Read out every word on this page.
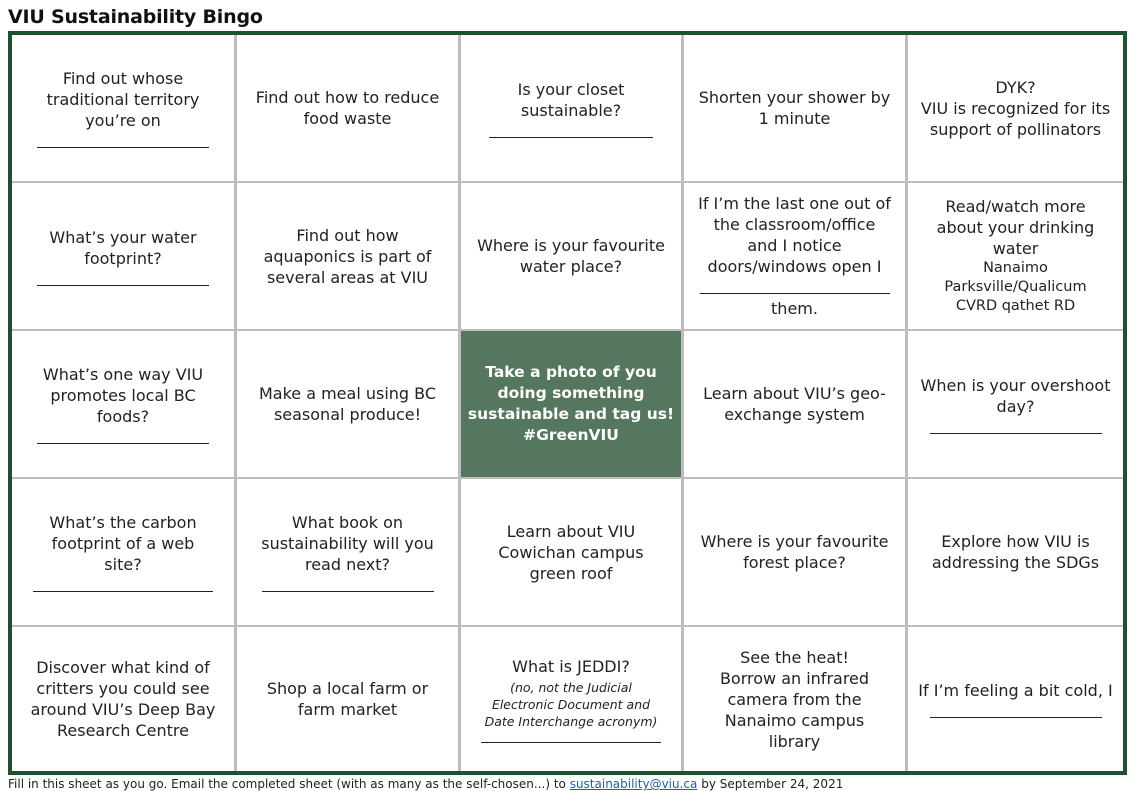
VIU Sustainability Bingo
Find out whose
traditional territory
you’re on
Find out how to reduce
food waste
Is your closet
sustainable?
Shorten your shower by
1 minute
DYK?
VIU is recognized for its
support of pollinators
What’s your water
footprint?
Find out how
aquaponics is part of
several areas at VIU
Where is your favourite
water place?
If I’m the last one out of
the classroom/office
and I notice
doors/windows open I
them.
Read/watch more
about your drinking
water
Nanaimo
Parksville/Qualicum
CVRD qathet RD
What’s one way VIU
promotes local BC
foods?
Make a meal using BC
seasonal produce!
Take a photo of you
doing something
sustainable and tag us!
#GreenVIU
Learn about VIU’s geo-
exchange system
When is your overshoot
day?
What’s the carbon
footprint of a web
site?
What book on
sustainability will you
read next?
Learn about VIU
Cowichan campus
green roof
Where is your favourite
forest place?
Explore how VIU is
addressing the SDGs
Discover what kind of
critters you could see
around VIU’s Deep Bay
Research Centre
Shop a local farm or
farm market
What is JEDDI?
(no, not the Judicial
Electronic Document and
Date Interchange acronym)
See the heat!
Borrow an infrared
camera from the
Nanaimo campus
library
If I’m feeling a bit cold, I
Fill in this sheet as you go. Email the completed sheet (with as many as the self-chosen...) to sustainability@viu.ca by September 24, 2021
